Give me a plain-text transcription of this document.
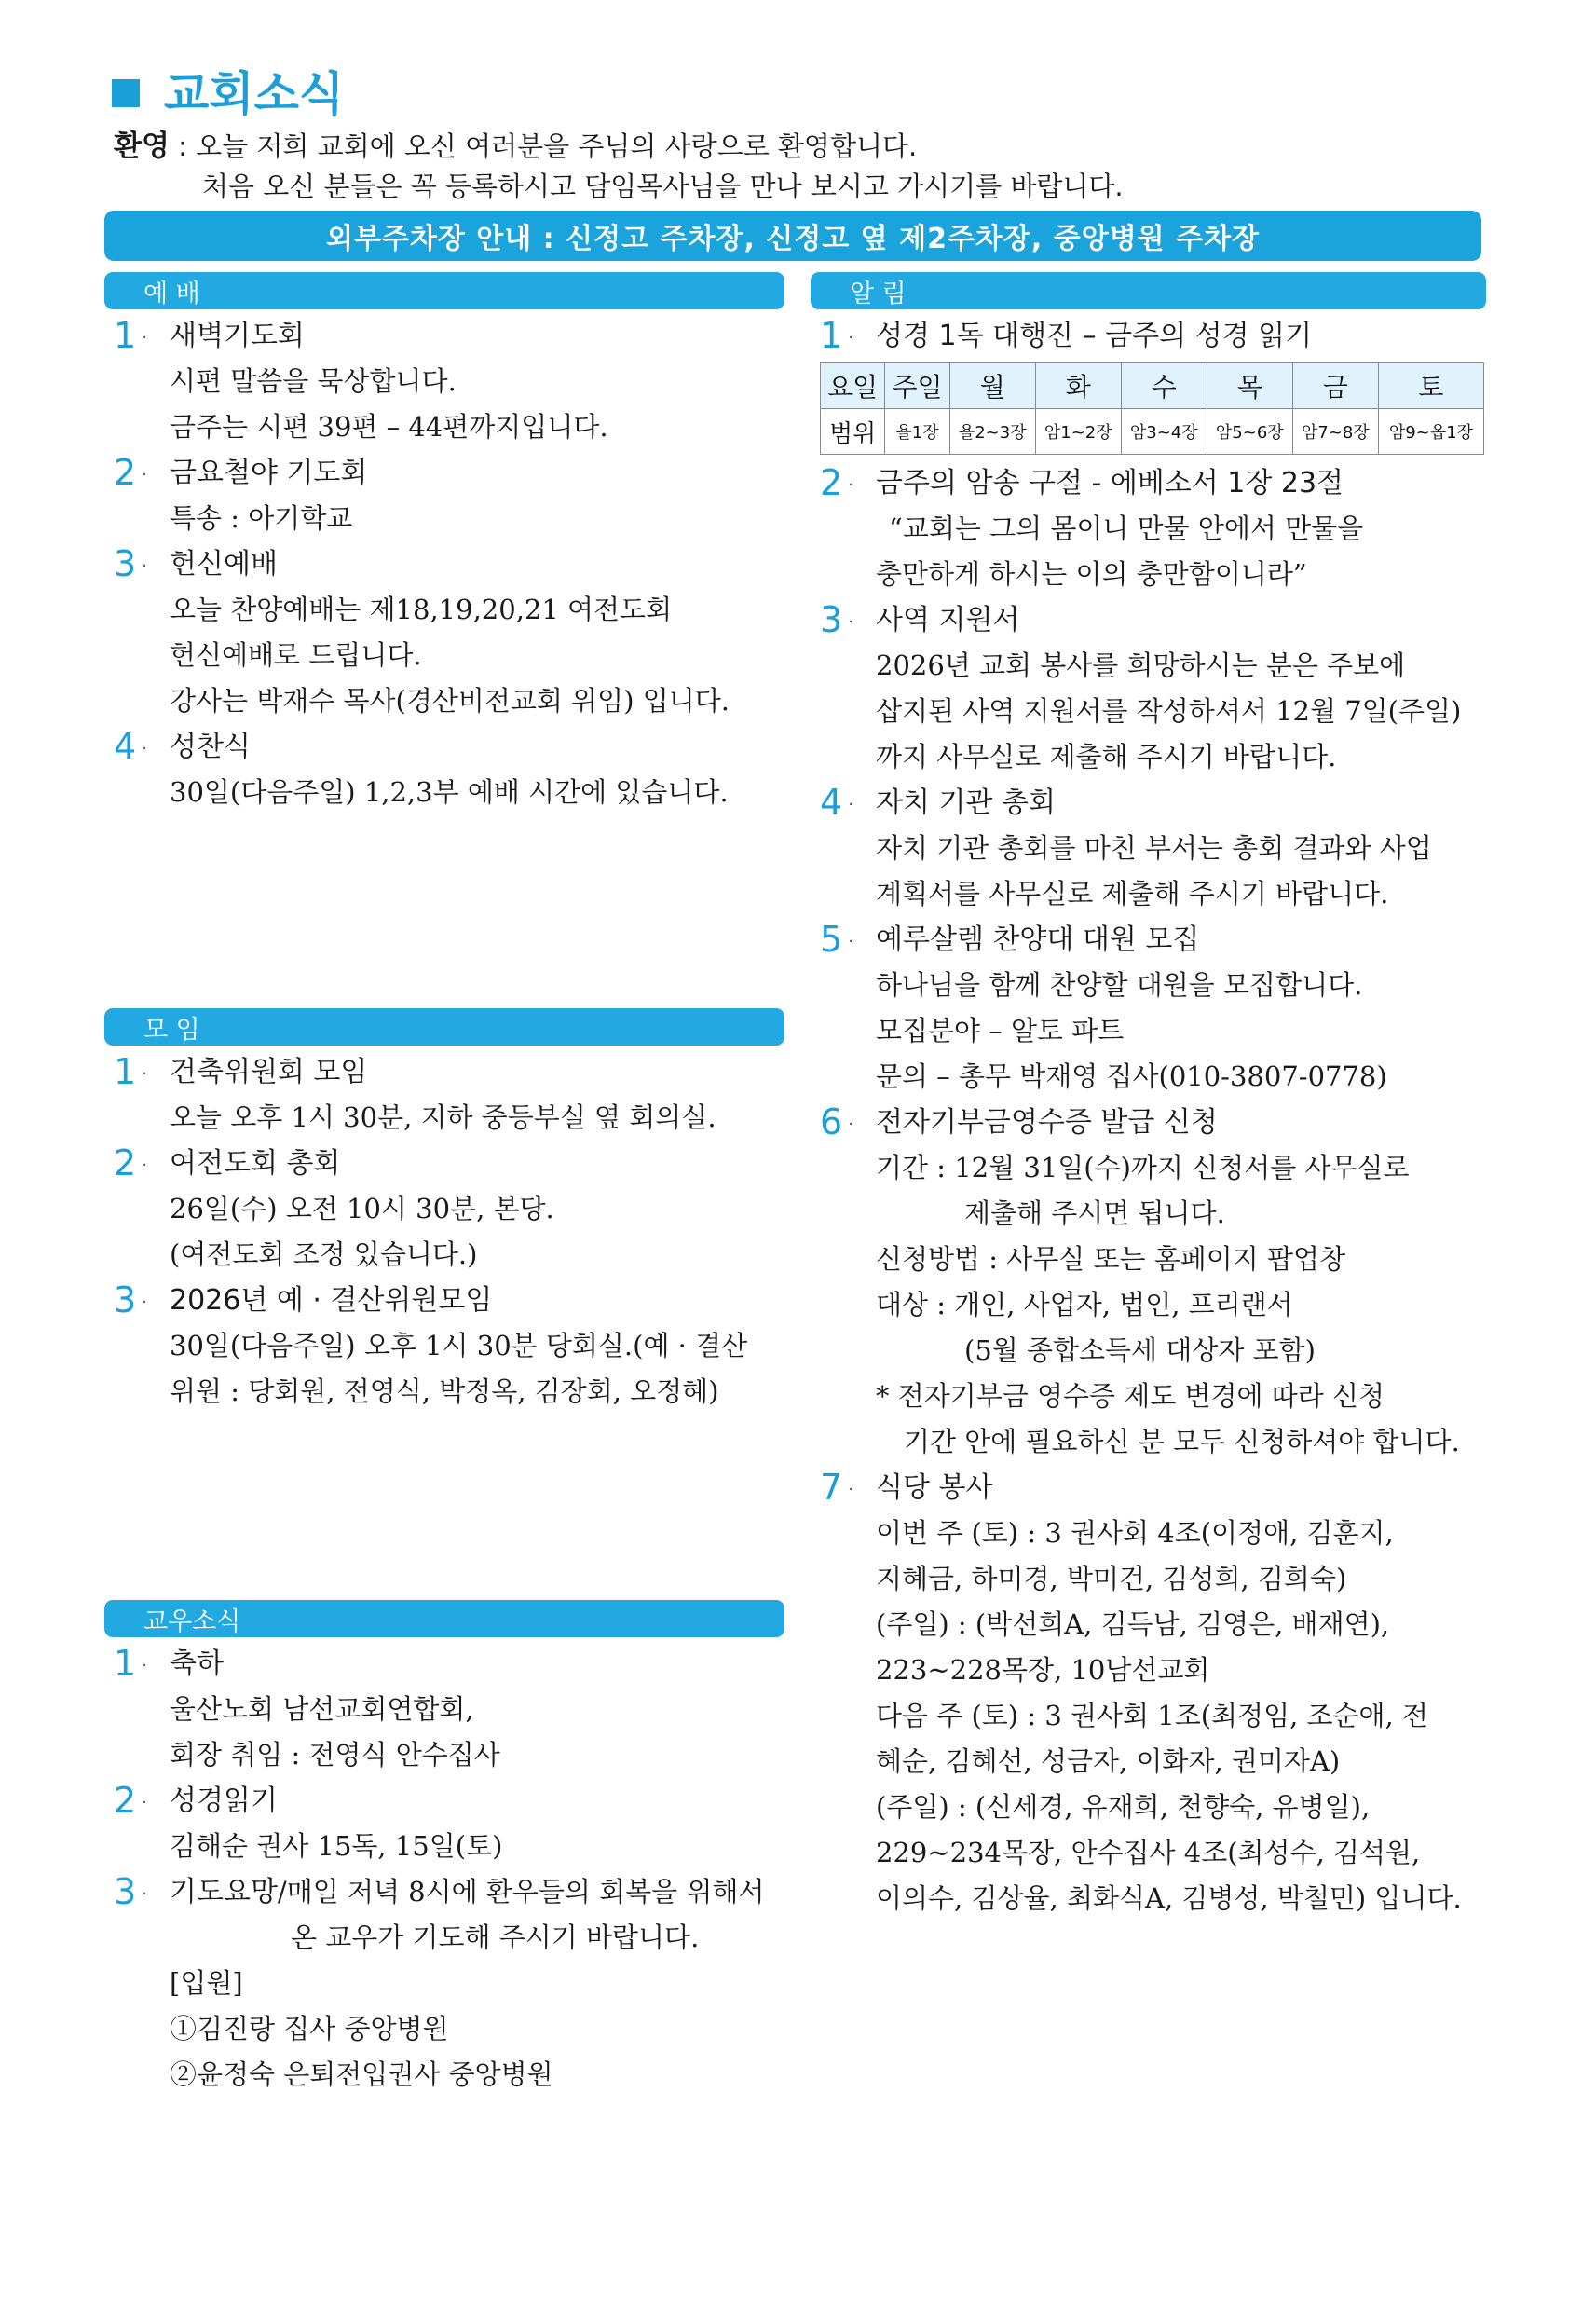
교회소식
환영 : 오늘 저희 교회에 오신 여러분을 주님의 사랑으로 환영합니다.
처음 오신 분들은 꼭 등록하시고 담임목사님을 만나 보시고 가시기를 바랍니다.
외부주차장 안내 : 신정고 주차장, 신정고 옆 제2주차장, 중앙병원 주차장
예 배
1 · 새벽기도회
시편 말씀을 묵상합니다.
금주는 시편 39편 – 44편까지입니다.
2 · 금요철야 기도회
특송 : 아기학교
3 · 헌신예배
오늘 찬양예배는 제18,19,20,21 여전도회
헌신예배로 드립니다.
강사는 박재수 목사(경산비전교회 위임) 입니다.
4 · 성찬식
30일(다음주일) 1,2,3부 예배 시간에 있습니다.
모 임
1 · 건축위원회 모임
오늘 오후 1시 30분, 지하 중등부실 옆 회의실.
2 · 여전도회 총회
26일(수) 오전 10시 30분, 본당.
(여전도회 조정 있습니다.)
3 · 2026년 예 · 결산위원모임
30일(다음주일) 오후 1시 30분 당회실.(예 · 결산
위원 : 당회원, 전영식, 박정옥, 김장회, 오정혜)
교우소식
1 · 축하
울산노회 남선교회연합회,
회장 취임 : 전영식 안수집사
2 · 성경읽기
김해순 권사 15독, 15일(토)
3 · 기도요망/매일 저녁 8시에 환우들의 회복을 위해서
온 교우가 기도해 주시기 바랍니다.
[입원]
①김진랑 집사 중앙병원
②윤정숙 은퇴전입권사 중앙병원
알 림
1 · 성경 1독 대행진 – 금주의 성경 읽기
요일	주일	월	화	수	목	금	토
범위	욜1장	욜2~3장	암1~2장	암3~4장	암5~6장	암7~8장	암9~옵1장
2 · 금주의 암송 구절 - 에베소서 1장 23절
“교회는 그의 몸이니 만물 안에서 만물을
충만하게 하시는 이의 충만함이니라”
3 · 사역 지원서
2026년 교회 봉사를 희망하시는 분은 주보에
삽지된 사역 지원서를 작성하셔서 12월 7일(주일)
까지 사무실로 제출해 주시기 바랍니다.
4 · 자치 기관 총회
자치 기관 총회를 마친 부서는 총회 결과와 사업
계획서를 사무실로 제출해 주시기 바랍니다.
5 · 예루살렘 찬양대 대원 모집
하나님을 함께 찬양할 대원을 모집합니다.
모집분야 – 알토 파트
문의 – 총무 박재영 집사(010-3807-0778)
6 · 전자기부금영수증 발급 신청
기간 : 12월 31일(수)까지 신청서를 사무실로
제출해 주시면 됩니다.
신청방법 : 사무실 또는 홈페이지 팝업창
대상 : 개인, 사업자, 법인, 프리랜서
(5월 종합소득세 대상자 포함)
* 전자기부금 영수증 제도 변경에 따라 신청
기간 안에 필요하신 분 모두 신청하셔야 합니다.
7 · 식당 봉사
이번 주 (토) : 3 권사회 4조(이정애, 김훈지,
지혜금, 하미경, 박미건, 김성희, 김희숙)
(주일) : (박선희A, 김득남, 김영은, 배재연),
223~228목장, 10남선교회
다음 주 (토) : 3 권사회 1조(최정임, 조순애, 전
혜순, 김혜선, 성금자, 이화자, 권미자A)
(주일) : (신세경, 유재희, 천향숙, 유병일),
229~234목장, 안수집사 4조(최성수, 김석원,
이의수, 김상율, 최화식A, 김병성, 박철민) 입니다.
